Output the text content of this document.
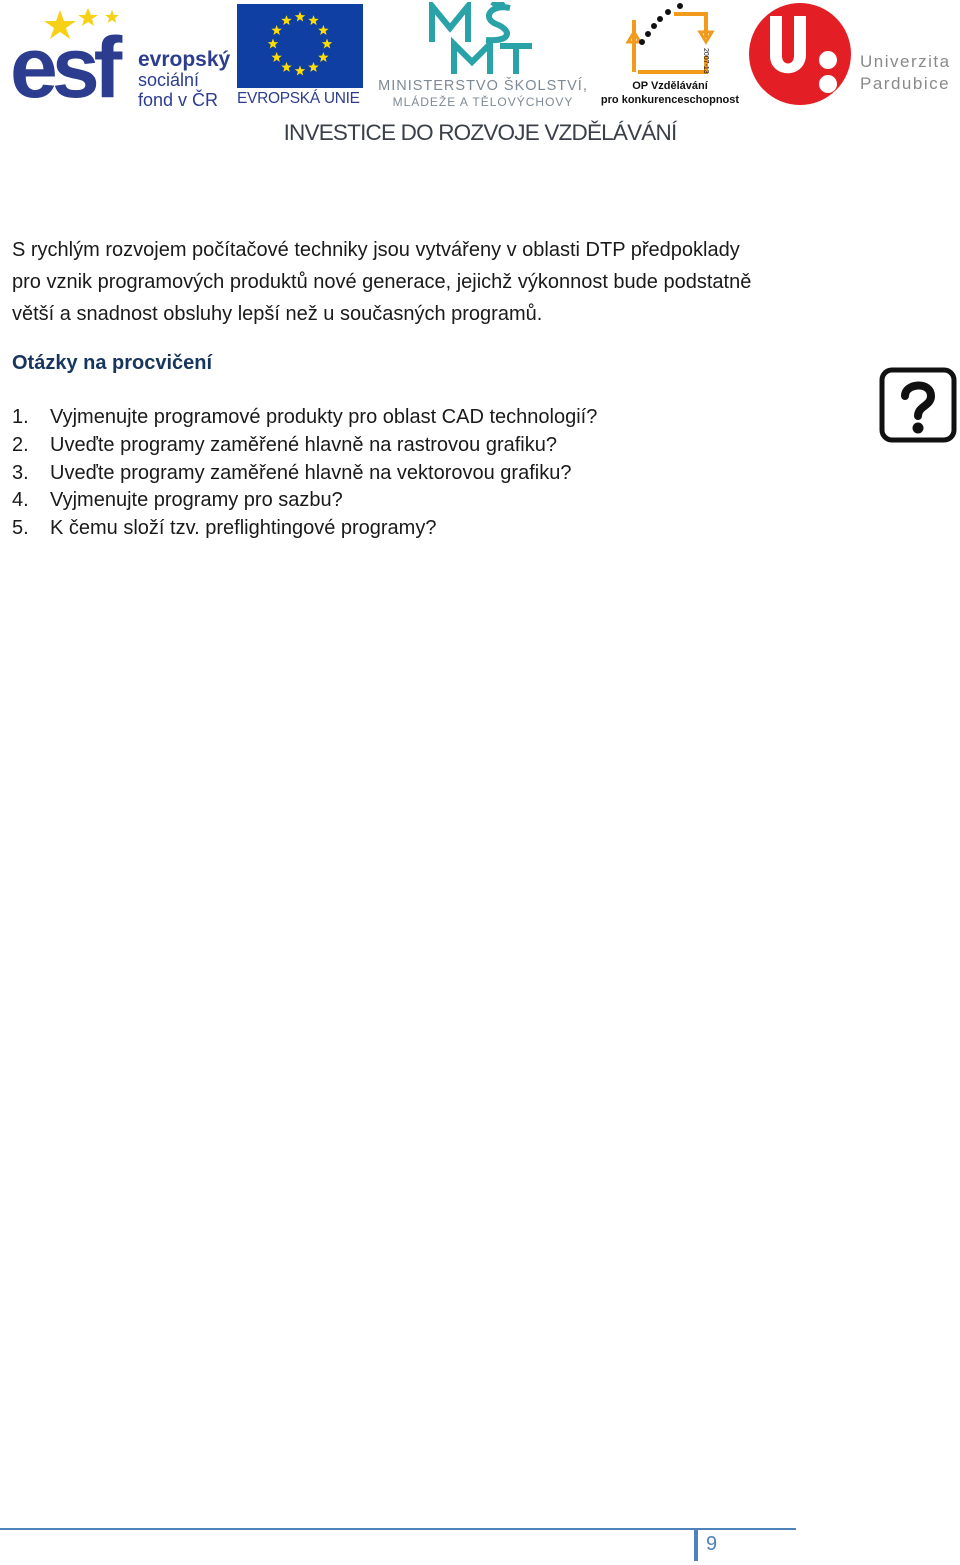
esf evropský
sociální
fond v ČR EVROPSKÁ UNIE
MINISTERSTVO ŠKOLSTVÍ,
MLÁDEŽE A TĚLOVÝCHOVY
2007-13
OP Vzdělávání
pro konkurenceschopnost
Univerzita
Pardubice
INVESTICE DO ROZVOJE VZDĚLÁVÁNÍ

S rychlým rozvojem počítačové techniky jsou vytvářeny v oblasti DTP předpoklady

pro vznik programových produktů nové generace, jejichž výkonnost bude podstatně

větší a snadnost obsluhy lepší než u současných programů.

Otázky na procvičení
1. Vyjmenujte programové produkty pro oblast CAD technologií?
2. Uveďte programy zaměřené hlavně na rastrovou grafiku?
3. Uveďte programy zaměřené hlavně na vektorovou grafiku?
4. Vyjmenujte programy pro sazbu?
5. K čemu složí tzv. preflightingové programy?
9
